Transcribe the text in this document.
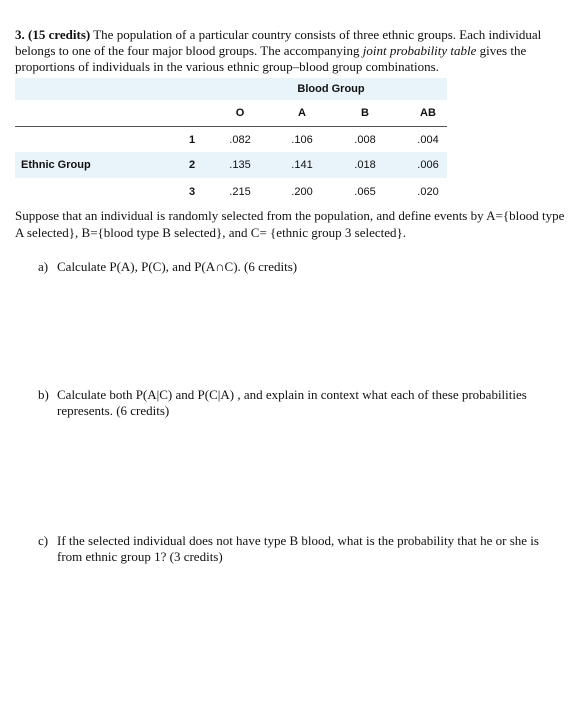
3. (15 credits) The population of a particular country consists of three ethnic groups. Each individual belongs to one of the four major blood groups. The accompanying joint probability table gives the proportions of individuals in the various ethnic group–blood group combinations.
Blood Group
O	A	B	AB
1	.082	.106	.008	.004
Ethnic Group	2	.135	.141	.018	.006
3	.215	.200	.065	.020
Suppose that an individual is randomly selected from the population, and define events by A={blood type A selected}, B={blood type B selected}, and C= {ethnic group 3 selected}.
a) Calculate P(A), P(C), and P(A∩C). (6 credits)
b) Calculate both P(A|C) and P(C|A) , and explain in context what each of these probabilities represents. (6 credits)
c) If the selected individual does not have type B blood, what is the probability that he or she is from ethnic group 1? (3 credits)
